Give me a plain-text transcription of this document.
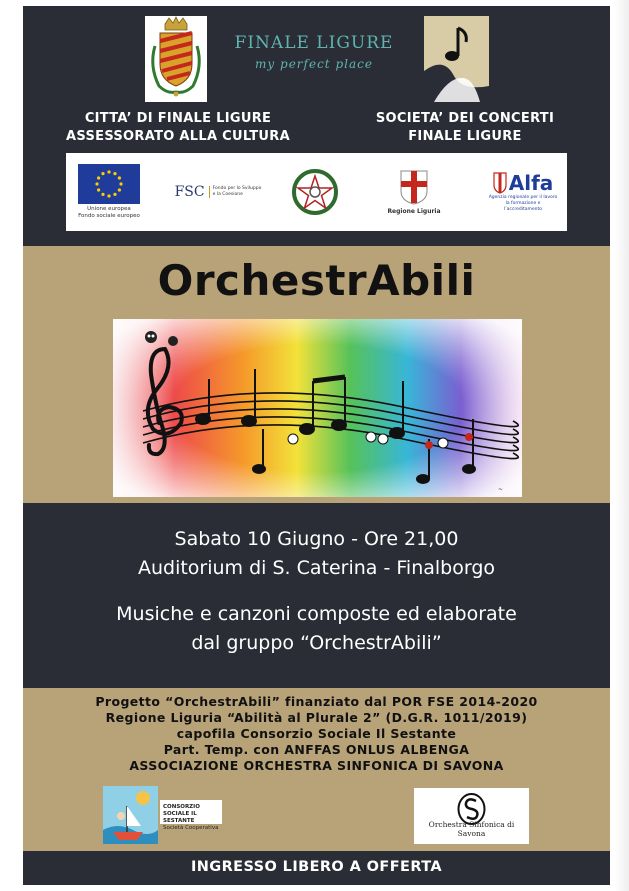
FINALE LIGURE
my perfect place
CITTA’ DI FINALE LIGURE
ASSESSORATO ALLA CULTURA
SOCIETA’ DEI CONCERTI
FINALE LIGURE
Unione europea
Fondo sociale europeo
FSC Fondo per lo Sviluppo
e la Coesione
Regione Liguria
Alfa
Agenzia regionale per il lavoro
la formazione e l’accreditamento
OrchestrAbili
~
Sabato 10 Giugno - Ore 21,00
Auditorium di S. Caterina - Finalborgo
Musiche e canzoni composte ed elaborate
dal gruppo “OrchestrAbili”
Progetto “OrchestrAbili” finanziato dal POR FSE 2014-2020
Regione Liguria “Abilità al Plurale 2” (D.G.R. 1011/2019)
capofila Consorzio Sociale Il Sestante
Part. Temp. con ANFFAS ONLUS ALBENGA
ASSOCIAZIONE ORCHESTRA SINFONICA DI SAVONA
CONSORZIO SOCIALE IL SESTANTE
Società Cooperativa	Orchestra Sinfonica di Savona
INGRESSO LIBERO A OFFERTA
